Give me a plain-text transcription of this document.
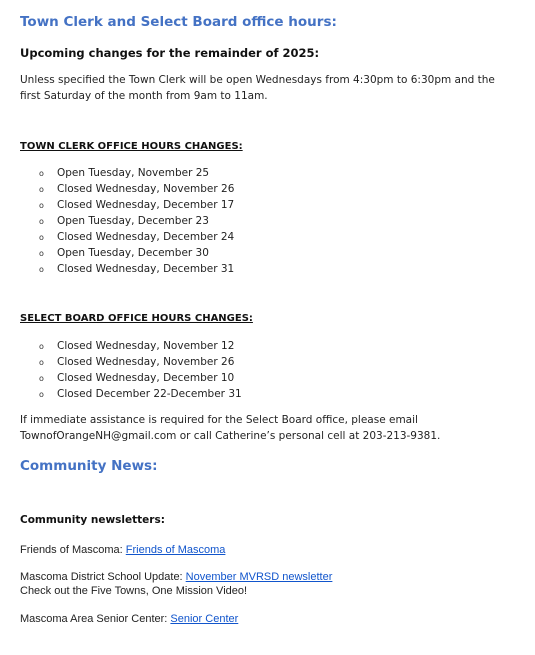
Town Clerk and Select Board office hours:
Upcoming changes for the remainder of 2025:

Unless specified the Town Clerk will be open Wednesdays from 4:30pm to 6:30pm and the first Saturday of the month from 9am to 11am.

TOWN CLERK OFFICE HOURS CHANGES:
o	Open Tuesday, November 25
o	Closed Wednesday, November 26
o	Closed Wednesday, December 17
o	Open Tuesday, December 23
o	Closed Wednesday, December 24
o	Open Tuesday, December 30
o	Closed Wednesday, December 31
SELECT BOARD OFFICE HOURS CHANGES:
o	Closed Wednesday, November 12
o	Closed Wednesday, November 26
o	Closed Wednesday, December 10
o	Closed December 22-December 31

If immediate assistance is required for the Select Board office, please email TownofOrangeNH@gmail.com or call Catherine’s personal cell at 203-213-9381.

Community News:

Community newsletters:

Friends of Mascoma: Friends of Mascoma

Mascoma District School Update: November MVRSD newsletter

Check out the Five Towns, One Mission Video!

Mascoma Area Senior Center: Senior Center
